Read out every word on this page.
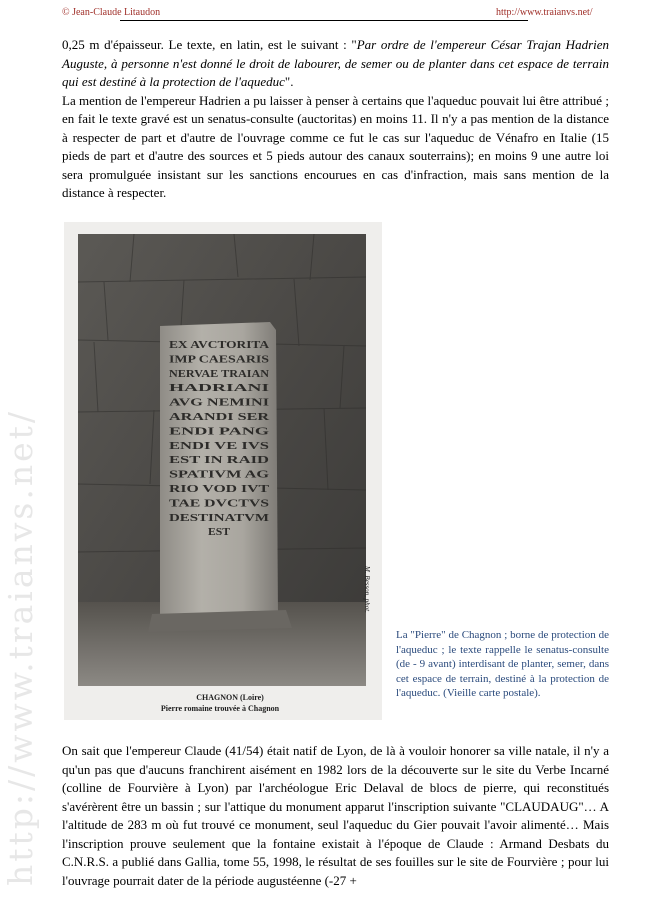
© Jean-Claude Litaudon	http://www.traianvs.net/
http://www.traianvs.net/
0,25 m d'épaisseur. Le texte, en latin, est le suivant : "Par ordre de l'empereur César Trajan Hadrien Auguste, à personne n'est donné le droit de labourer, de semer ou de planter dans cet espace de terrain qui est destiné à la protection de l'aqueduc".
La mention de l'empereur Hadrien a pu laisser à penser à certains que l'aqueduc pouvait lui être attribué ; en fait le texte gravé est un senatus-consulte (auctoritas) en moins 11. Il n'y a pas mention de la distance à respecter de part et d'autre de l'ouvrage comme ce fut le cas sur l'aqueduc de Vénafro en Italie (15 pieds de part et d'autre des sources et 5 pieds autour des canaux souterrains); en moins 9 une autre loi sera promulguée insistant sur les sanctions encourues en cas d'infraction, mais sans mention de la distance à respecter.
EX AVCTORITA
IMP CAESARIS
NERVAE TRAIAN
HADRIANI
AVG NEMINI
ARANDI SER
ENDI PANG
ENDI VE IVS
EST IN RAID
SPATIVM AG
RIO VOD IVT
TAE DVCTVS
DESTINATVM
EST
M. Besson, phot.
CHAGNON (Loire)
Pierre romaine trouvée à Chagnon
La "Pierre" de Chagnon ; borne de protection de l'aqueduc ; le texte rappelle le senatus-consulte (de - 9 avant) interdisant de planter, semer, dans cet espace de terrain, destiné à la protection de l'aqueduc. (Vieille carte postale).
On sait que l'empereur Claude (41/54) était natif de Lyon, de là à vouloir honorer sa ville natale, il n'y a qu'un pas que d'aucuns franchirent aisément en 1982 lors de la découverte sur le site du Verbe Incarné (colline de Fourvière à Lyon) par l'archéologue Eric Delaval de blocs de pierre, qui reconstitués s'avérèrent être un bassin ; sur l'attique du monument apparut l'inscription suivante "CLAUDAUG"… A l'altitude de 283 m où fut trouvé ce monument, seul l'aqueduc du Gier pouvait l'avoir alimenté… Mais l'inscription prouve seulement que la fontaine existait à l'époque de Claude : Armand Desbats du C.N.R.S. a publié dans Gallia, tome 55, 1998, le résultat de ses fouilles sur le site de Fourvière ; pour lui l'ouvrage pourrait dater de la période augustéenne (-27 +
